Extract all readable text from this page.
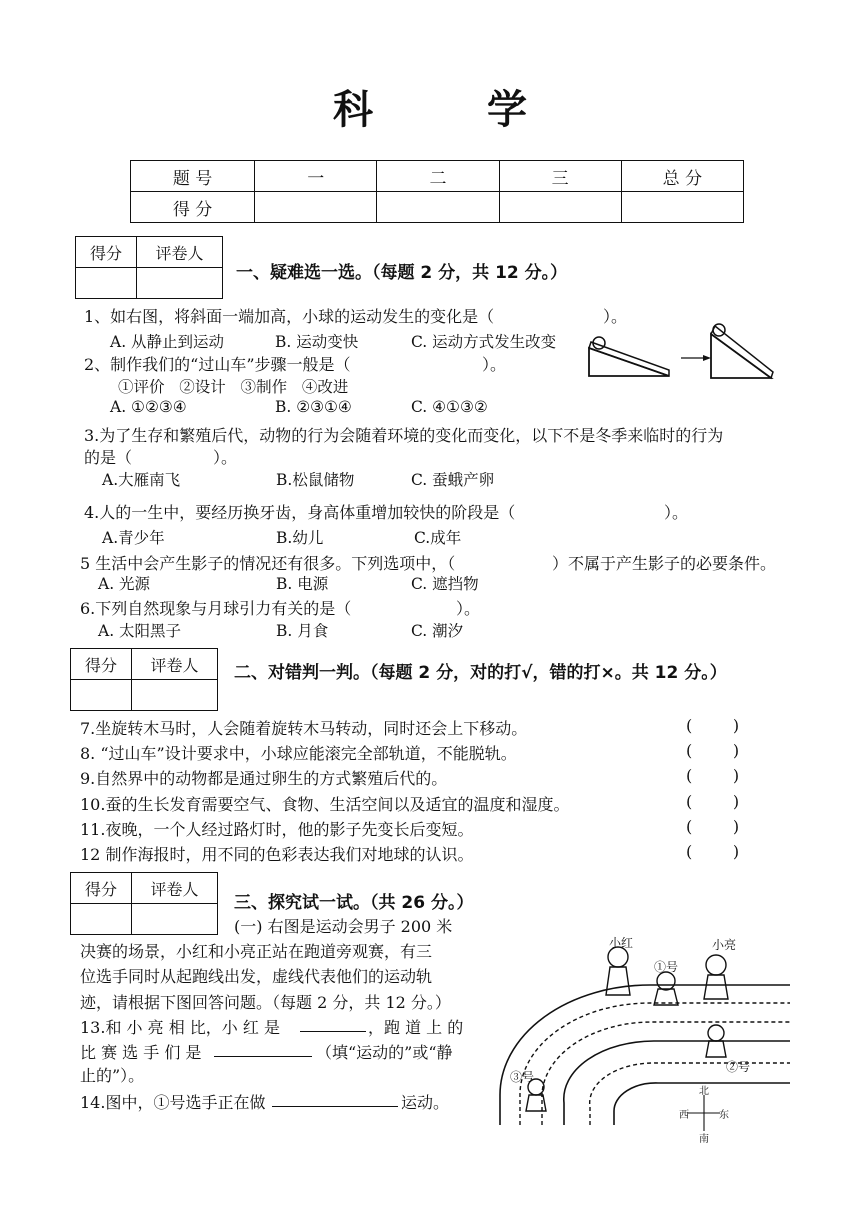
科 学
题 号	一	二	三	总 分
得 分				
得分	评卷人

一、疑难选一选。（每题 2 分，共 12 分。）
1、如右图，将斜面一端加高，小球的运动发生的变化是（	）。
A. 从静止到运动	B. 运动变快	C. 运动方式发生改变
2、制作我们的“过山车”步骤一般是（	）。
①评价   ②设计   ③制作   ④改进
A. ①②③④	B. ②③①④	C. ④①③②
3.为了生存和繁殖后代，动物的行为会随着环境的变化而变化，以下不是冬季来临时的行为
的是（	）。
A.大雁南飞	B.松鼠储物	C. 蚕蛾产卵
4.人的一生中，要经历换牙齿，身高体重增加较快的阶段是（	）。
A.青少年	B.幼儿	C.成年
5 生活中会产生影子的情况还有很多。下列选项中，（	）不属于产生影子的必要条件。
A. 光源	B. 电源	C. 遮挡物
6.下列自然现象与月球引力有关的是（	）。
A. 太阳黑子	B. 月食	C. 潮汐
得分	评卷人
	二、对错判一判。（每题 2 分，对的打√，错的打×。共 12 分。）
7.坐旋转木马时，人会随着旋转木马转动，同时还会上下移动。	(        )
8. “过山车”设计要求中，小球应能滚完全部轨道，不能脱轨。	(        )
9.自然界中的动物都是通过卵生的方式繁殖后代的。	(        )
10.蚕的生长发育需要空气、食物、生活空间以及适宜的温度和湿度。	(        )
11.夜晚，一个人经过路灯时，他的影子先变长后变短。	(        )
12 制作海报时，用不同的色彩表达我们对地球的认识。	(        )
得分	评卷人

三、探究试一试。（共 26 分。）
(一) 右图是运动会男子 200 米
决赛的场景，小红和小亮正站在跑道旁观赛，有三
位选手同时从起跑线出发，虚线代表他们的运动轨
迹，请根据下图回答问题。（每题 2 分，共 12 分。）
13.和 小 亮 相 比，小 红 是	，跑 道 上 的
比 赛 选 手 们 是	（填“运动的”或“静
止的”）。
14.图中，①号选手正在做	运动。
小红	小亮
①号
②号
③号
北
南
东
西
